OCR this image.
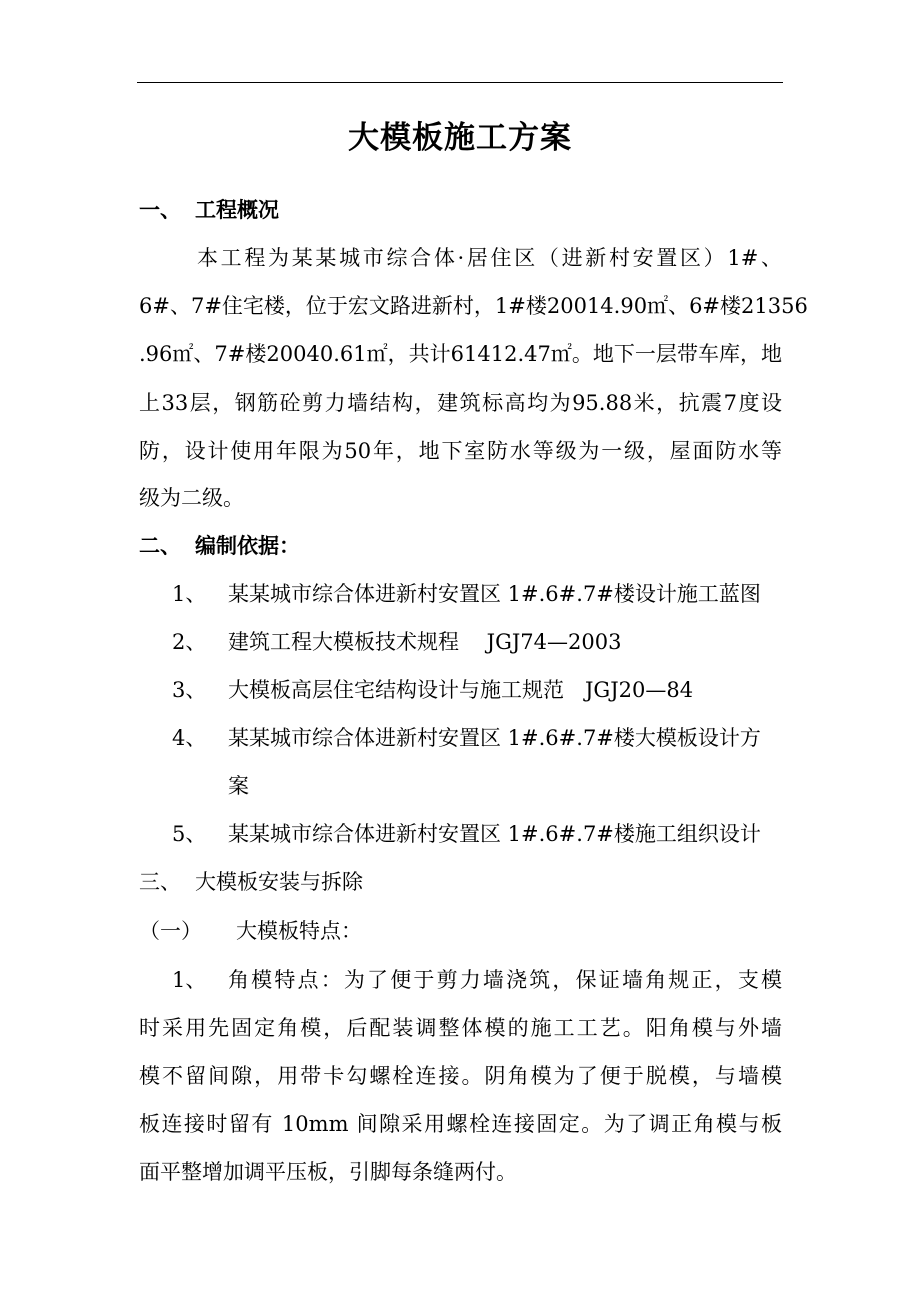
大模板施工方案
一、 工程概况
本工程为某某城市综合体·居住区（进新村安置区）1#、
6#、7#住宅楼，位于宏文路进新村，1#楼20014.90㎡、6#楼21356
.96㎡、7#楼20040.61㎡，共计61412.47㎡。地下一层带车库，地
上33层，钢筋砼剪力墙结构，建筑标高均为95.88米，抗震7度设
防，设计使用年限为50年，地下室防水等级为一级，屋面防水等
级为二级。
二、 编制依据：
1、 某某城市综合体进新村安置区 1#.6#.7#楼设计施工蓝图
2、 建筑工程大模板技术规程　 JGJ74—2003
3、 大模板高层住宅结构设计与施工规范　JGJ20—84
4、 某某城市综合体进新村安置区 1#.6#.7#楼大模板设计方
案
5、 某某城市综合体进新村安置区 1#.6#.7#楼施工组织设计
三、 大模板安装与拆除
（一） 大模板特点：
1、 角模特点：为了便于剪力墙浇筑，保证墙角规正，支模
时采用先固定角模，后配装调整体模的施工工艺。阳角模与外墙
模不留间隙，用带卡勾螺栓连接。阴角模为了便于脱模，与墙模
板连接时留有 10mm 间隙采用螺栓连接固定。为了调正角模与板
面平整增加调平压板，引脚每条缝两付。
